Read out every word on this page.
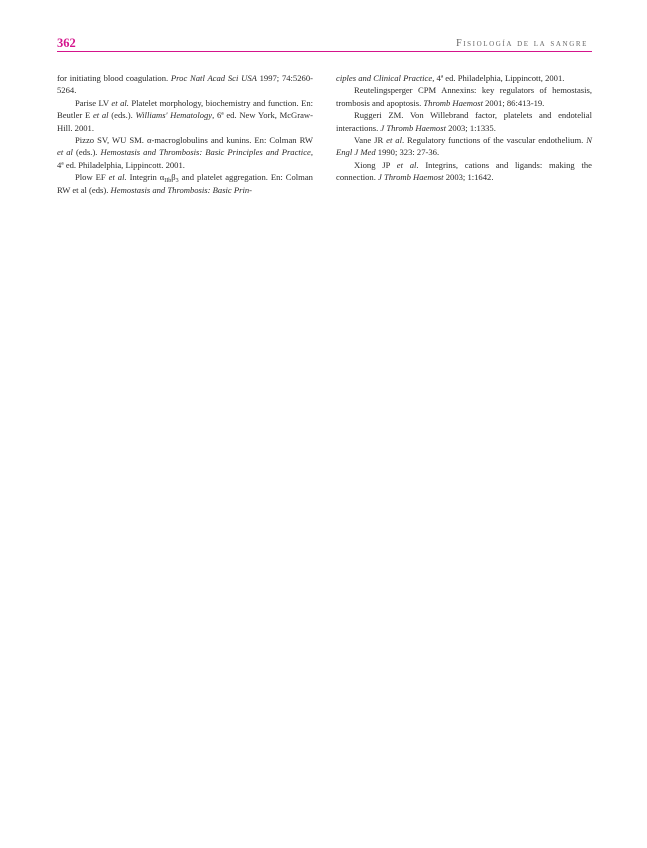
362	Fisiología de la sangre

for initiating blood coagulation. Proc Natl Acad Sci USA 1997; 74:5260-5264.

Parise LV et al. Platelet morphology, biochemistry and function. En: Beutler E et al (eds.). Williams' Hematology, 6ª ed. New York, McGraw-Hill. 2001.

Pizzo SV, WU SM. α-macroglobulins and kunins. En: Colman RW et al (eds.). Hemostasis and Thrombosis: Basic Principles and Practice, 4ª ed. Philadelphia, Lippincott. 2001.

Plow EF et al. Integrin $\alpha_{IIb}\beta_3$ and platelet aggregation. En: Colman RW et al (eds). Hemostasis and Thrombosis: Basic Prin-

ciples and Clinical Practice, 4ª ed. Philadelphia, Lippincott, 2001.

Reutelingsperger CPM Annexins: key regulators of hemostasis, trombosis and apoptosis. Thromb Haemost 2001; 86:413-19.

Ruggeri ZM. Von Willebrand factor, platelets and endotelial interactions. J Thromb Haemost 2003; 1:1335.

Vane JR et al. Regulatory functions of the vascular endothelium. N Engl J Med 1990; 323: 27-36.

Xiong JP et al. Integrins, cations and ligands: making the connection. J Thromb Haemost 2003; 1:1642.
